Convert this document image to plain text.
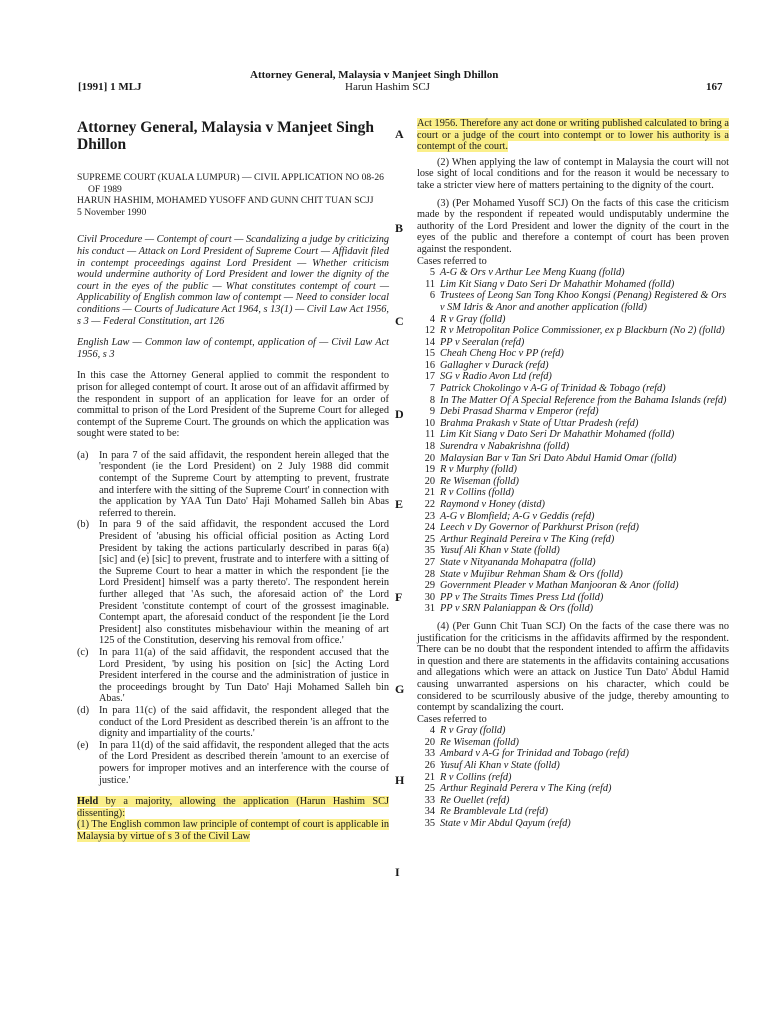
Attorney General, Malaysia v Manjeet Singh Dhillon
[1991] 1 MLJ	Harun Hashim SCJ	167
A
B
C
D
E
F
G
H
I
Attorney General, Malaysia v Manjeet Singh Dhillon

SUPREME COURT (KUALA LUMPUR) — CIVIL APPLICATION NO 08-26 OF 1989

HARUN HASHIM, MOHAMED YUSOFF AND GUNN CHIT TUAN SCJJ

5 November 1990

Civil Procedure — Contempt of court — Scandalizing a judge by criticizing his conduct — Attack on Lord President of Supreme Court — Affidavit filed in contempt proceedings against Lord President — Whether criticism would undermine authority of Lord President and lower the dignity of the court in the eyes of the public — What constitutes contempt of court — Applicability of English common law of contempt — Need to consider local conditions — Courts of Judicature Act 1964, s 13(1) — Civil Law Act 1956, s 3 — Federal Constitution, art 126

English Law — Common law of contempt, application of — Civil Law Act 1956, s 3

In this case the Attorney General applied to commit the respondent to prison for alleged contempt of court. It arose out of an affidavit affirmed by the respondent in support of an application for leave for an order of committal to prison of the Lord President of the Supreme Court for alleged contempt of the Supreme Court. The grounds on which the application was sought were stated to be:

(a)	In para 7 of the said affidavit, the respondent herein alleged that the 'respondent (ie the Lord President) on 2 July 1988 did commit contempt of the Supreme Court by attempting to prevent, frustrate and interfere with the sitting of the Supreme Court' in connection with the application by YAA Tun Dato' Haji Mohamed Salleh bin Abas referred to therein.
(b) In para 9 of the said affidavit, the respondent accused the Lord President of 'abusing his official official position as Acting Lord President by taking the actions particularly described in paras 6(a) [sic] and (e) [sic] to prevent, frustrate and to interfere with a sitting of the Supreme Court to hear a matter in which the respondent [ie the Lord President] himself was a party thereto'. The respondent herein further alleged that 'As such, the aforesaid action of' the Lord President 'constitute contempt of court of the grossest imaginable. Contempt apart, the aforesaid conduct of the respondent [ie the Lord President] also constitutes misbehaviour within the meaning of art 125 of the Constitution, deserving his removal from office.'
(c)	In para 11(a) of the said affidavit, the respondent accused that the Lord President, 'by using his position on [sic] the Acting Lord President interfered in the course and the administration of justice in the proceedings brought by Tun Dato' Haji Mohamed Salleh bin Abas.'
(d) In para 11(c) of the said affidavit, the respondent alleged that the conduct of the Lord President as described therein 'is an affront to the dignity and impartiality of the courts.'
(e)	In para 11(d) of the said affidavit, the respondent alleged that the acts of the Lord President as described therein 'amount to an exercise of powers for improper motives and an interference with the course of justice.'

Held by a majority, allowing the application (Harun Hashim SCJ dissenting):
(1) The English common law principle of contempt of court is applicable in Malaysia by virtue of s 3 of the Civil Law

Act 1956. Therefore any act done or writing published calculated to bring a court or a judge of the court into contempt or to lower his authority is a contempt of the court.

(2) When applying the law of contempt in Malaysia the court will not lose sight of local conditions and for the reason it would be necessary to take a stricter view here of matters pertaining to the dignity of the court.

(3) (Per Mohamed Yusoff SCJ) On the facts of this case the criticism made by the respondent if repeated would undisputably undermine the authority of the Lord President and lower the dignity of the court in the eyes of the public and therefore a contempt of court has been proven against the respondent.

Cases referred to

5 A-G & Ors v Arthur Lee Meng Kuang (folld)
11 Lim Kit Siang v Dato Seri Dr Mahathir Mohamed (folld)
6 Trustees of Leong San Tong Khoo Kongsi (Penang) Registered & Ors v SM Idris & Anor and another application (folld)
4 R v Gray (folld)
12 R v Metropolitan Police Commissioner, ex p Blackburn (No 2) (folld)
14 PP v Seeralan (refd)
15 Cheah Cheng Hoc v PP (refd)
16 Gallagher v Durack (refd)
17 SG v Radio Avon Ltd (refd)
7 Patrick Chokolingo v A-G of Trinidad & Tobago (refd)
8 In The Matter Of A Special Reference from the Bahama Islands (refd)
9 Debi Prasad Sharma v Emperor (refd)
10 Brahma Prakash v State of Uttar Pradesh (refd)
11 Lim Kit Siang v Dato Seri Dr Mahathir Mohamed (folld)
18 Surendra v Nabakrishna (folld)
20 Malaysian Bar v Tan Sri Dato Abdul Hamid Omar (folld)
19 R v Murphy (folld)
20 Re Wiseman (folld)
21 R v Collins (folld)
22 Raymond v Honey (distd)
23 A-G v Blomfield; A-G v Geddis (refd)
24 Leech v Dy Governor of Parkhurst Prison (refd)
25 Arthur Reginald Pereira v The King (refd)
35 Yusuf Ali Khan v State (folld)
27 State v Nityananda Mohapatra (folld)
28 State v Mujibur Rehman Sham & Ors (folld)
29 Government Pleader v Mathan Manjooran & Anor (folld)
30 PP v The Straits Times Press Ltd (folld)
31 PP v SRN Palaniappan & Ors (folld)

(4) (Per Gunn Chit Tuan SCJ) On the facts of the case there was no justification for the criticisms in the affidavits affirmed by the respondent. There can be no doubt that the respondent intended to affirm the affidavits in question and there are statements in the affidavits containing accusations and allegations which were an attack on Justice Tun Dato' Abdul Hamid causing unwarranted aspersions on his character, which could be considered to be scurrilously abusive of the judge, thereby amounting to contempt by scandalizing the court.

Cases referred to

4 R v Gray (folld)
20 Re Wiseman (folld)
33 Ambard v A-G for Trinidad and Tobago (refd)
26 Yusuf Ali Khan v State (folld)
21 R v Collins (refd)
25 Arthur Reginald Perera v The King (refd)
33 Re Ouellet (refd)
34 Re Bramblevale Ltd (refd)
35 State v Mir Abdul Qayum (refd)
